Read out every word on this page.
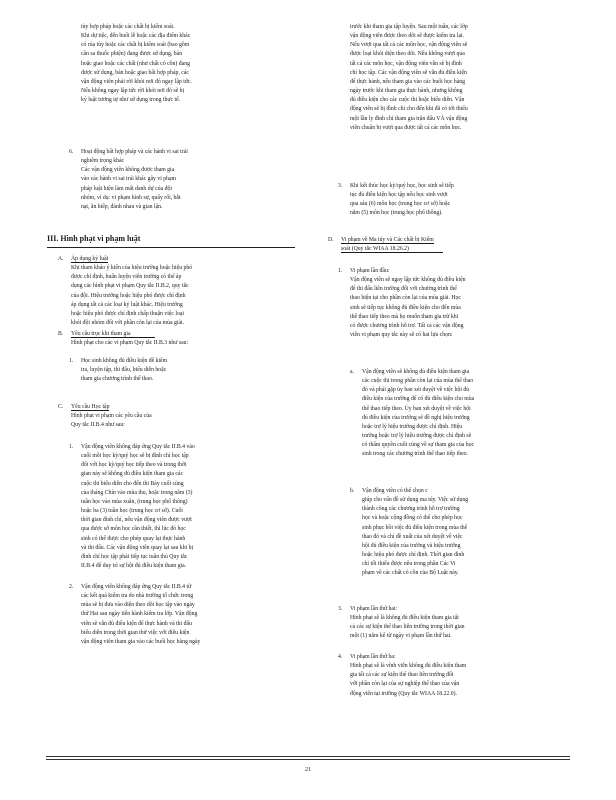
tùy hợp pháp hoặc các chất bị kiểm soát.

Khi dự tiệc, đến buổi lễ hoặc các địa điểm khác

có rủa tùy hoặc các chất bị kiểm soát (bao gồm

cần sa thuốc phiện) đang được sử dụng, bán

hoặc giao hoặc các chất (như chất có cồn) đang

được sử dụng, bán hoặc giao bất hợp pháp, các

vận động viên phải rời khỏi nơi đó ngay lập tức.

Nếu không ngay lập tức rời khỏi nơi đó sẽ bị

kỷ luật tương tự như sử dụng trong thực tế.

6. Hoạt động bất hợp pháp và các hành vi sai trái

nghiêm trọng khác

Các vận động viên không được tham gia

vào các hành vi sai trái khác gây vi phạm

pháp luật hiện làm mất danh dự của đội

nhóm, ví dụ: vi phạm hình sự, quấy rối, bắt

nạt, ăn hiếp, đánh nhau và gian lận.

III. Hình phạt vi phạm luật
A. Áp dụng kỷ luật

Khi tham khảo ý kiến của hiệu trưởng hoặc hiệu phó

được chỉ định, huấn luyện viên trưởng có thể áp

dụng các hình phạt vi phạm Quy tắc II.B.2, quy tắc

của đội. Hiệu trưởng hoặc hiệu phó được chỉ định

áp dụng tất cả các loại kỷ luật khác. Hiệu trưởng

hoặc hiệu phó được chỉ định chấp thuận việc loại

khỏi đội nhóm đối với phần còn lại của mùa giải.

B. Yêu cầu trục khi tham gia

Hình phạt cho các vi phạm Quy tắc II.B.3 như sau:

1. Học sinh không đủ điều kiện để kiểm

tra, luyện tập, thi đấu, biểu diễn hoặc

tham gia chương trình thể thao.

C. Yêu cầu Học tập

Hình phạt vi phạm các yêu cầu của

Quy tắc II.B.4 như sau:

1. Vận động viên không đáp ứng Quy tắc II.B.4 vào

cuối mỗi học kỳ/quý học sẽ bị đình chỉ học tập

đối với học kỳ/quý học tiếp theo và trong thời

gian này sẽ không đủ điều kiện tham gia các

cuộc thi biểu diễn cho đến thi Bảy cuối cùng

của tháng Chín vào mùa thu, hoặc trong năm (3)

tuần học vào mùa xuân, (trung học phổ thông)

hoặc ba (3) tuần học (trung học cơ sở). Cuối

thời gian đình chỉ, nếu vận động viên được vượt

qua được sở môn học cần thiết, thì lúc đó học

sinh có thể được cho phép quay lại thực hành

và thi đấu. Các vận động viên quay lại sau khi bị

đình chỉ học tập phải tiếp tục tuân thủ Quy tắc

II.B.4 để duy trì sự hội đủ điều kiện tham gia.

2. Vận động viên không đáp ứng Quy tắc II.B.4 từ

các kết quả kiểm tra do nhà trường tổ chức trong

mùa sẽ bị đưa vào diện theo dõi học tập vào ngày

thứ Hai sau ngày tiến hành kiểm tra lớp. Vận động

viên sẽ vẫn đủ điều kiện để thực hành và thi đấu

biểu diễn trong thời gian thử việc với điều kiện

vận động viên tham gia vào các buổi học hàng ngày

trước khi tham gia tập luyện. Sau một tuần, các lớp

vận động viên được theo dõi sẽ được kiểm tra lại.

Nếu vượt qua tất cả các môn học, vận động viên sẽ

được loại khỏi diện theo dõi. Nếu không vượt qua

tất cả các môn học, vận động viên vẫn sẽ bị đình

chỉ học tập. Các vận động viên sẽ vẫn đủ điều kiện

để thực hành, nếu tham gia vào các buổi học hàng

ngày trước khi tham gia thực hành, nhưng không

đủ điều kiện cho các cuộc thi hoặc biểu diễn. Vận

động viên sẽ bị đình chỉ cho đến khi đã có tới thiểu

một lần ly đình chỉ tham gia trận đấu VÀ vận động

viên chuẩn bị vượt qua được tất cả các môn học.

3. Khi kết thúc học kỳ/quý học, học sinh sẽ tiếp

tục đủ điều kiện học tập nếu học sinh vượt

qua sáu (6) môn học (trung học cơ sở) hoặc

năm (5) môn học (trung học phổ thông).

D. Vi phạm về Ma túy và Các chất bị Kiểm

soát (Quy tắc WIAA 18.26.2)

1. Vi phạm lần đầu:

Vận động viên sẽ ngay lập tức không đủ điều kiện

để thi đấu liên trường đối với chương trình thể

thao hiện tại cho phần còn lại của mùa giải. Học

sinh sẽ tiếp tục không đủ điều kiện cho đến mùa

thể thao tiếp theo mà họ muốn tham gia trừ khi

có được chương trình hỗ trợ. Tất cả các vận động

viên vi phạm quy tắc này sẽ có hai lựa chọn:

a. Vận động viên sẽ không đủ điều kiện tham gia

các cuộc thi trong phần còn lại của mùa thể thao

đó và phải gặp ủy ban xét duyệt về việc hội đủ

điều kiện của trường để có đủ điều kiện cho mùa

thể thao tiếp theo. Ủy ban xét duyệt về việc hội

đủ điều kiện của trường sẽ đề nghị hiệu trưởng

hoặc trợ lý hiệu trưởng được chỉ định. Hiệu

trưởng hoặc trợ lý hiệu trưởng được chỉ định sẽ

có thẩm quyền cuối cùng về sự tham gia của học

sinh trong các chương trình thể thao tiếp theo.

b. Vận động viên có thể chọn c

giúp cho vấn đề sử dụng ma túy. Việc sử dụng

thành công các chương trình hỗ trợ trường

học và hoặc cộng đồng có thể cho phép học

sinh phục hồi việc đủ điều kiện trong mùa thể

thao đó và chỉ đề xuất của xét duyệt về việc

hội đủ điều kiện của trường và hiệu trưởng

hoặc hiệu phó được chỉ định. Thời gian đình

chỉ tối thiểu được nêu trong phần Các Vi

phạm về các chất có cồn của Bộ Luật này.

3. Vi phạm lần thứ hai:

Hình phạt sẽ là không đủ điều kiện tham gia tất

cả các sự kiện thể thao liên trường trong thời gian

một (1) năm kể từ ngày vi phạm lần thứ hai.

4. Vi phạm lần thứ ba:

Hình phạt sẽ là vĩnh viễn không đủ điều kiện tham

gia tất cả các sự kiện thể thao liên trường đối

với phần còn lại của sự nghiệp thể thao của vận

động viên tại trường (Quy tắc WIAA 18.22.0).

21
